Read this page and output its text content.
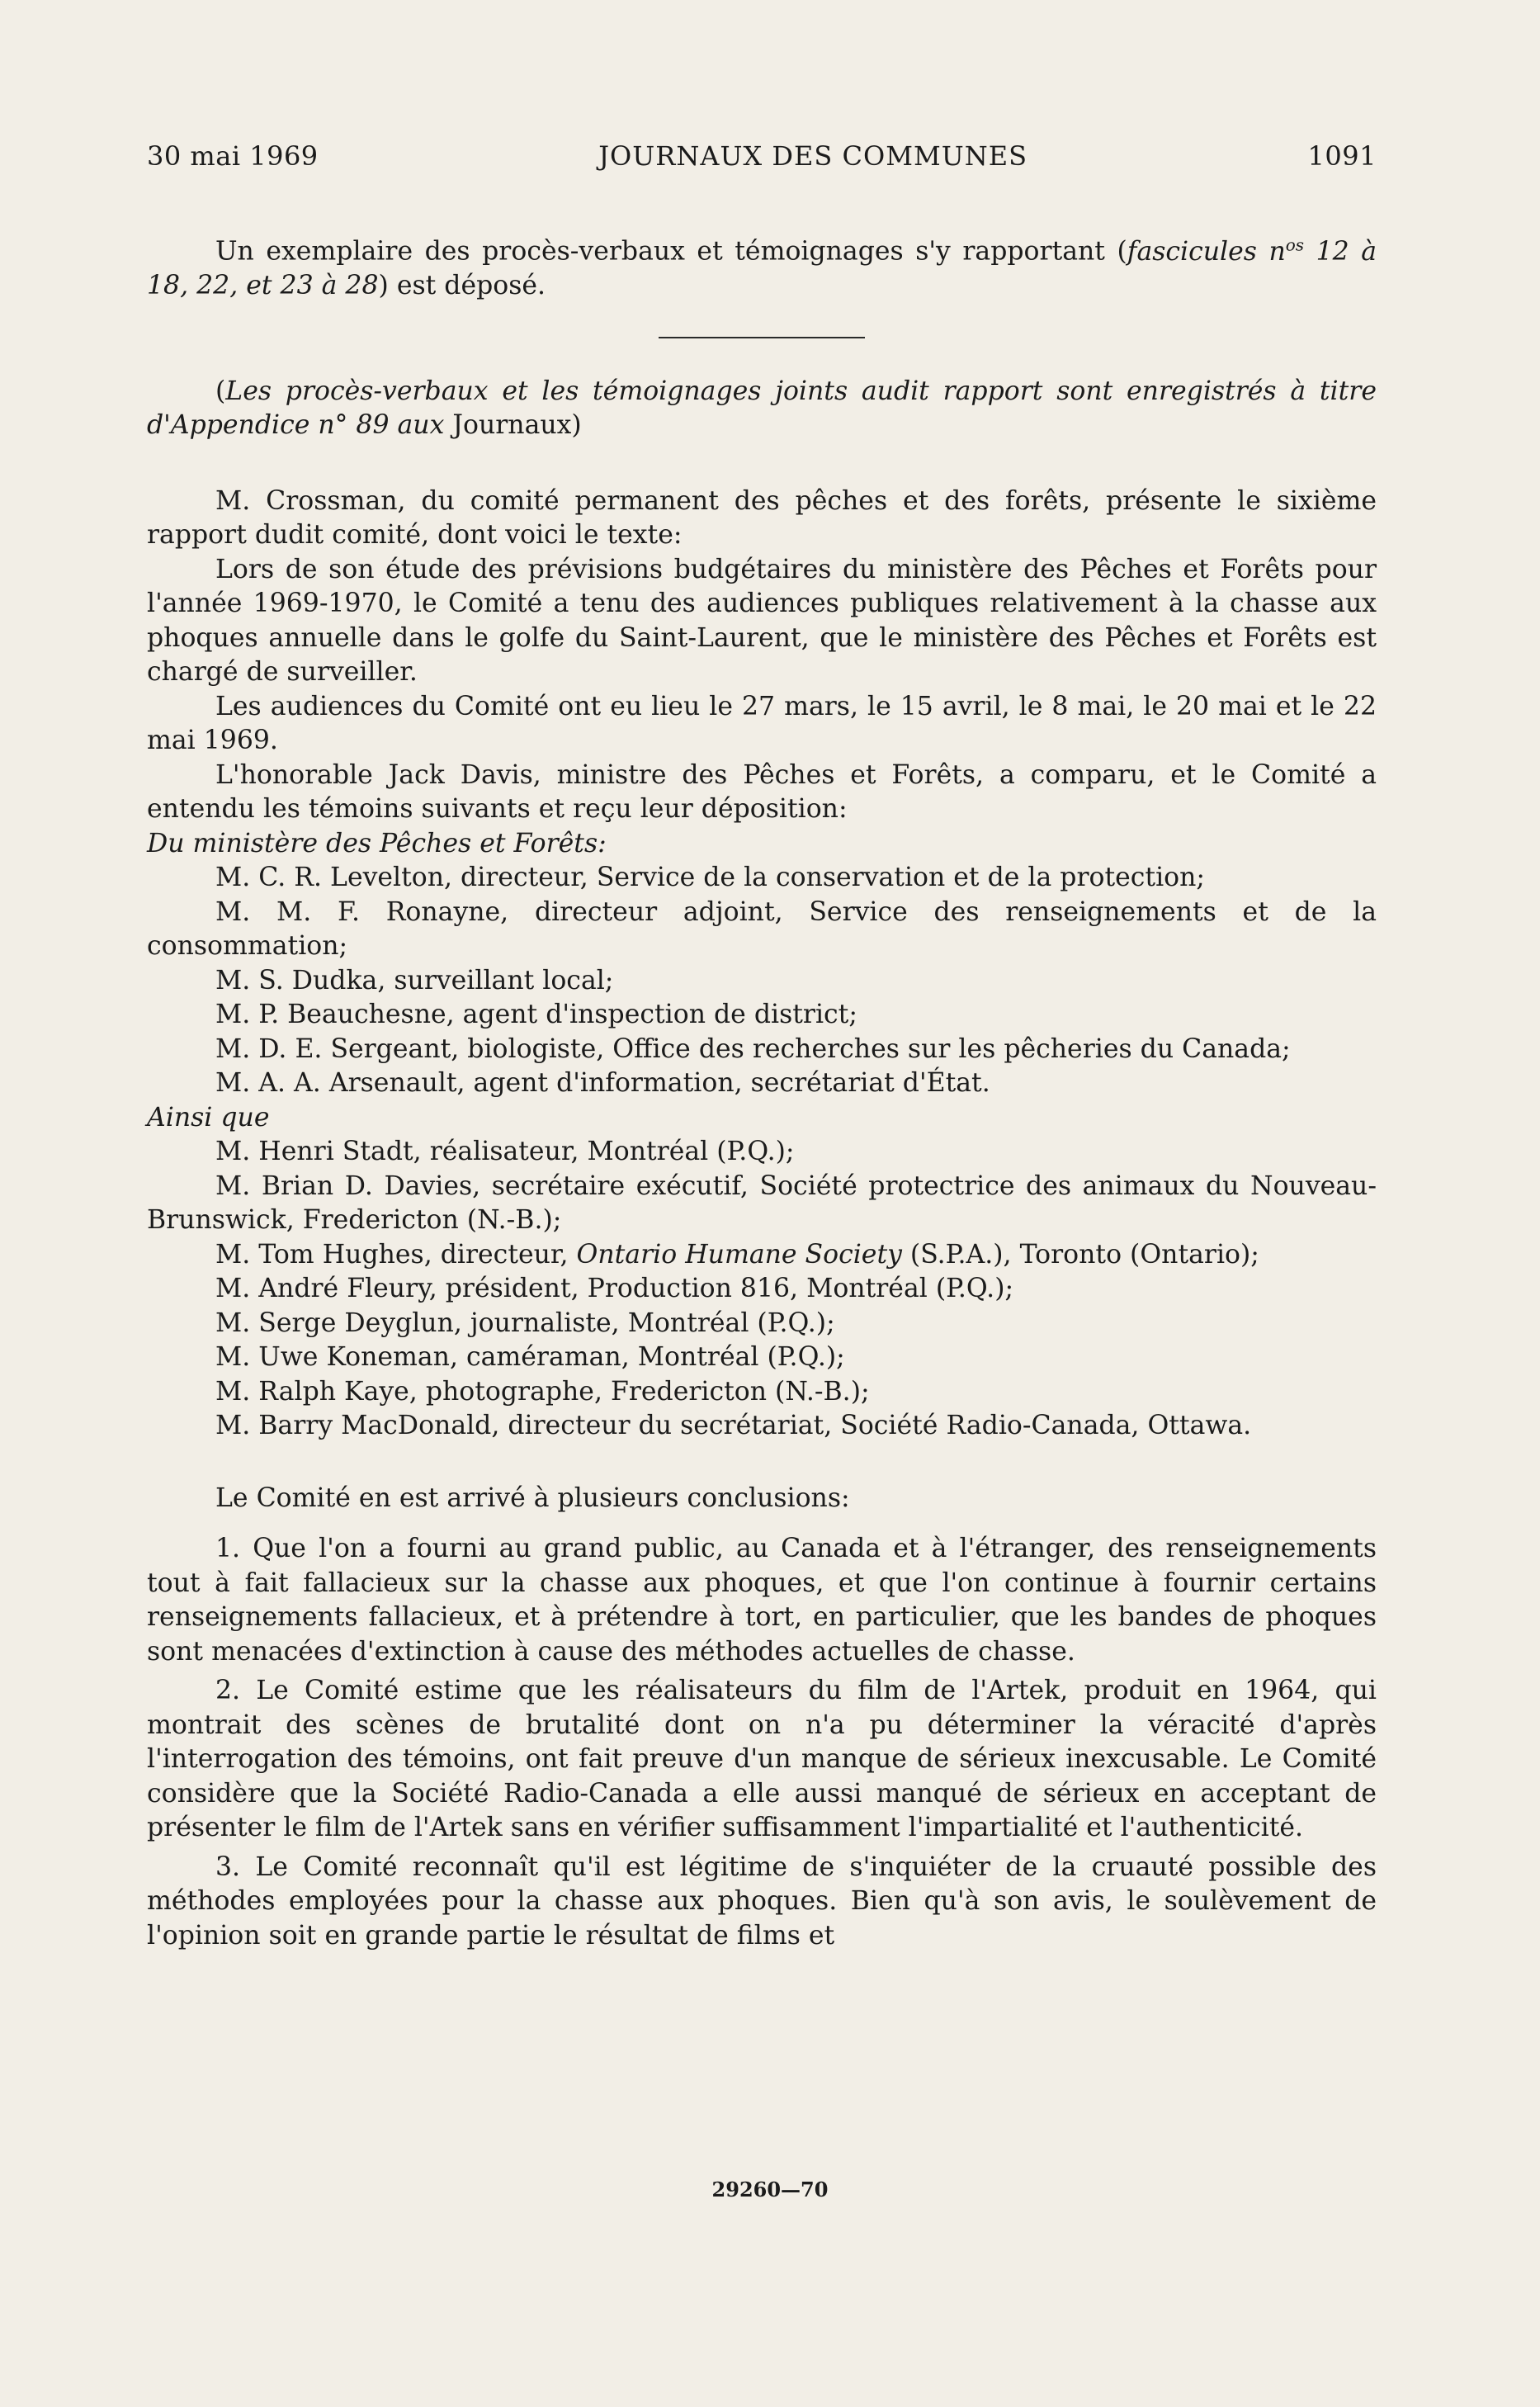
30 mai 1969	JOURNAUX DES COMMUNES	1091

Un exemplaire des procès-verbaux et témoignages s'y rapportant (fascicules $n^{os}$ 12 à 18, 22, et 23 à 28) est déposé.

(Les procès-verbaux et les témoignages joints audit rapport sont enregistrés à titre d'Appendice n° 89 aux Journaux)

M. Crossman, du comité permanent des pêches et des forêts, présente le sixième rapport dudit comité, dont voici le texte:

Lors de son étude des prévisions budgétaires du ministère des Pêches et Forêts pour l'année 1969-1970, le Comité a tenu des audiences publiques relativement à la chasse aux phoques annuelle dans le golfe du Saint-Laurent, que le ministère des Pêches et Forêts est chargé de surveiller.

Les audiences du Comité ont eu lieu le 27 mars, le 15 avril, le 8 mai, le 20 mai et le 22 mai 1969.

L'honorable Jack Davis, ministre des Pêches et Forêts, a comparu, et le Comité a entendu les témoins suivants et reçu leur déposition:

Du ministère des Pêches et Forêts:

M. C. R. Levelton, directeur, Service de la conservation et de la protection;

M. M. F. Ronayne, directeur adjoint, Service des renseignements et de la consommation;

M. S. Dudka, surveillant local;

M. P. Beauchesne, agent d'inspection de district;

M. D. E. Sergeant, biologiste, Office des recherches sur les pêcheries du Canada;

M. A. A. Arsenault, agent d'information, secrétariat d'État.

Ainsi que

M. Henri Stadt, réalisateur, Montréal (P.Q.);

M. Brian D. Davies, secrétaire exécutif, Société protectrice des animaux du Nouveau-Brunswick, Fredericton (N.-B.);

M. Tom Hughes, directeur, Ontario Humane Society (S.P.A.), Toronto (Ontario);

M. André Fleury, président, Production 816, Montréal (P.Q.);

M. Serge Deyglun, journaliste, Montréal (P.Q.);

M. Uwe Koneman, caméraman, Montréal (P.Q.);

M. Ralph Kaye, photographe, Fredericton (N.-B.);

M. Barry MacDonald, directeur du secrétariat, Société Radio-Canada, Ottawa.

Le Comité en est arrivé à plusieurs conclusions:

1. Que l'on a fourni au grand public, au Canada et à l'étranger, des renseignements tout à fait fallacieux sur la chasse aux phoques, et que l'on continue à fournir certains renseignements fallacieux, et à prétendre à tort, en particulier, que les bandes de phoques sont menacées d'extinction à cause des méthodes actuelles de chasse.

2. Le Comité estime que les réalisateurs du film de l'Artek, produit en 1964, qui montrait des scènes de brutalité dont on n'a pu déterminer la véracité d'après l'interrogation des témoins, ont fait preuve d'un manque de sérieux inexcusable. Le Comité considère que la Société Radio-Canada a elle aussi manqué de sérieux en acceptant de présenter le film de l'Artek sans en vérifier suffisamment l'impartialité et l'authenticité.

3. Le Comité reconnaît qu'il est légitime de s'inquiéter de la cruauté possible des méthodes employées pour la chasse aux phoques. Bien qu'à son avis, le soulèvement de l'opinion soit en grande partie le résultat de films et

29260—70
